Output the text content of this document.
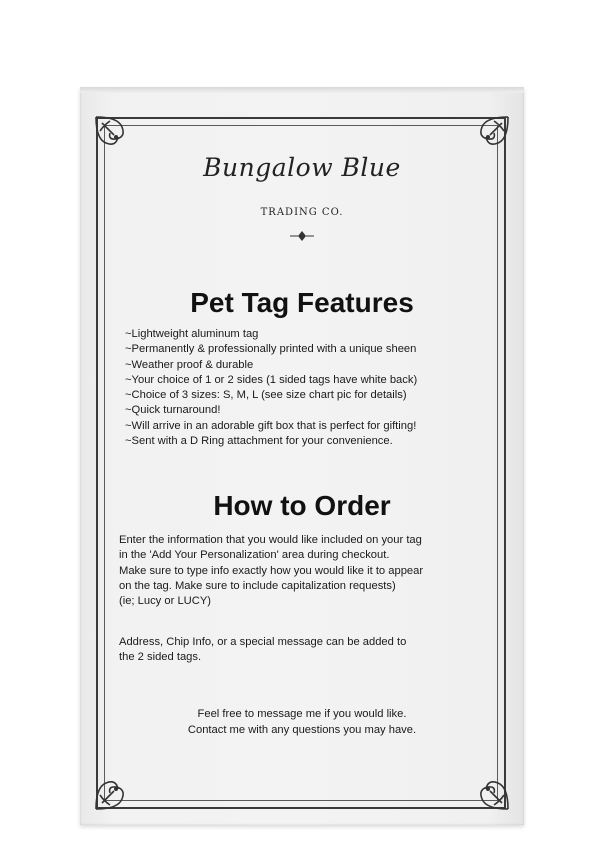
Bungalow Blue
TRADING CO.
Pet Tag Features
~Lightweight aluminum tag
~Permanently & professionally printed with a unique sheen
~Weather proof & durable
~Your choice of 1 or 2 sides (1 sided tags have white back)
~Choice of 3 sizes: S, M, L (see size chart pic for details)
~Quick turnaround!
~Will arrive in an adorable gift box that is perfect for gifting!
~Sent with a D Ring attachment for your convenience.
How to Order
Enter the information that you would like included on your tag
in the 'Add Your Personalization' area during checkout.
Make sure to type info exactly how you would like it to appear
on the tag. Make sure to include capitalization requests)
(ie; Lucy or LUCY)
Address, Chip Info, or a special message can be added to
the 2 sided tags.

Feel free to message me if you would like.

Contact me with any questions you may have.
